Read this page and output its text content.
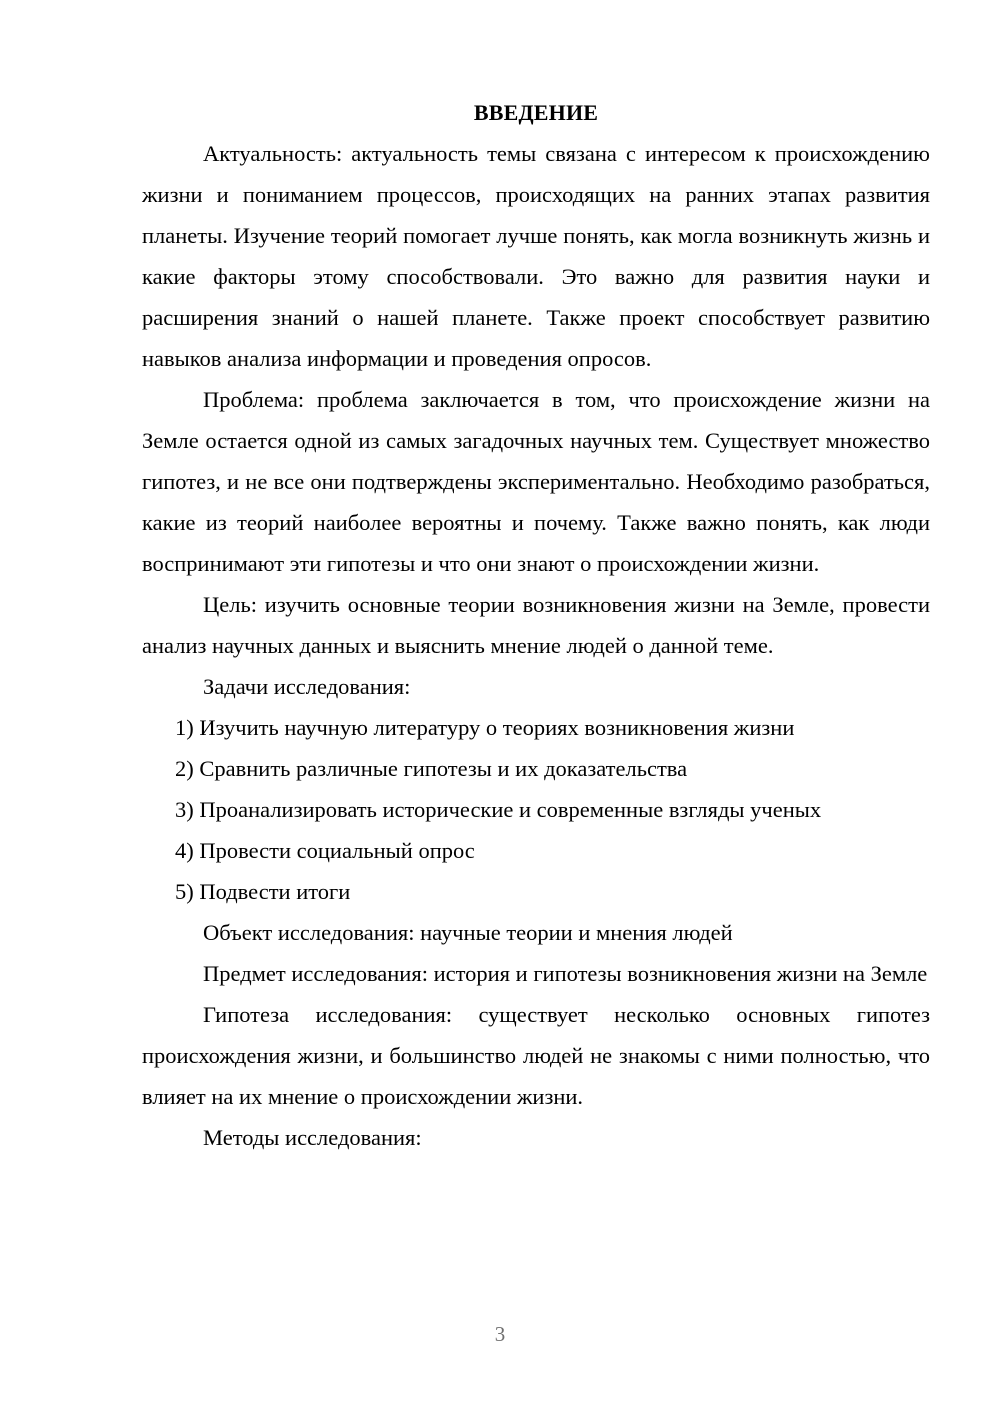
ВВЕДЕНИЕ

Актуальность: актуальность темы связана с интересом к происхождению жизни и пониманием процессов, происходящих на ранних этапах развития планеты. Изучение теорий помогает лучше понять, как могла возникнуть жизнь и какие факторы этому способствовали. Это важно для развития науки и расширения знаний о нашей планете. Также проект способствует развитию навыков анализа информации и проведения опросов.

Проблема: проблема заключается в том, что происхождение жизни на Земле остается одной из самых загадочных научных тем. Существует множество гипотез, и не все они подтверждены экспериментально. Необходимо разобраться, какие из теорий наиболее вероятны и почему. Также важно понять, как люди воспринимают эти гипотезы и что они знают о происхождении жизни.

Цель: изучить основные теории возникновения жизни на Земле, провести анализ научных данных и выяснить мнение людей о данной теме.

Задачи исследования:

1) Изучить научную литературу о теориях возникновения жизни
2) Сравнить различные гипотезы и их доказательства
3) Проанализировать исторические и современные взгляды ученых
4) Провести социальный опрос
5) Подвести итоги

Объект исследования: научные теории и мнения людей

Предмет исследования: история и гипотезы возникновения жизни на Земле

Гипотеза исследования: существует несколько основных гипотез происхождения жизни, и большинство людей не знакомы с ними полностью, что влияет на их мнение о происхождении жизни.

Методы исследования:

3
